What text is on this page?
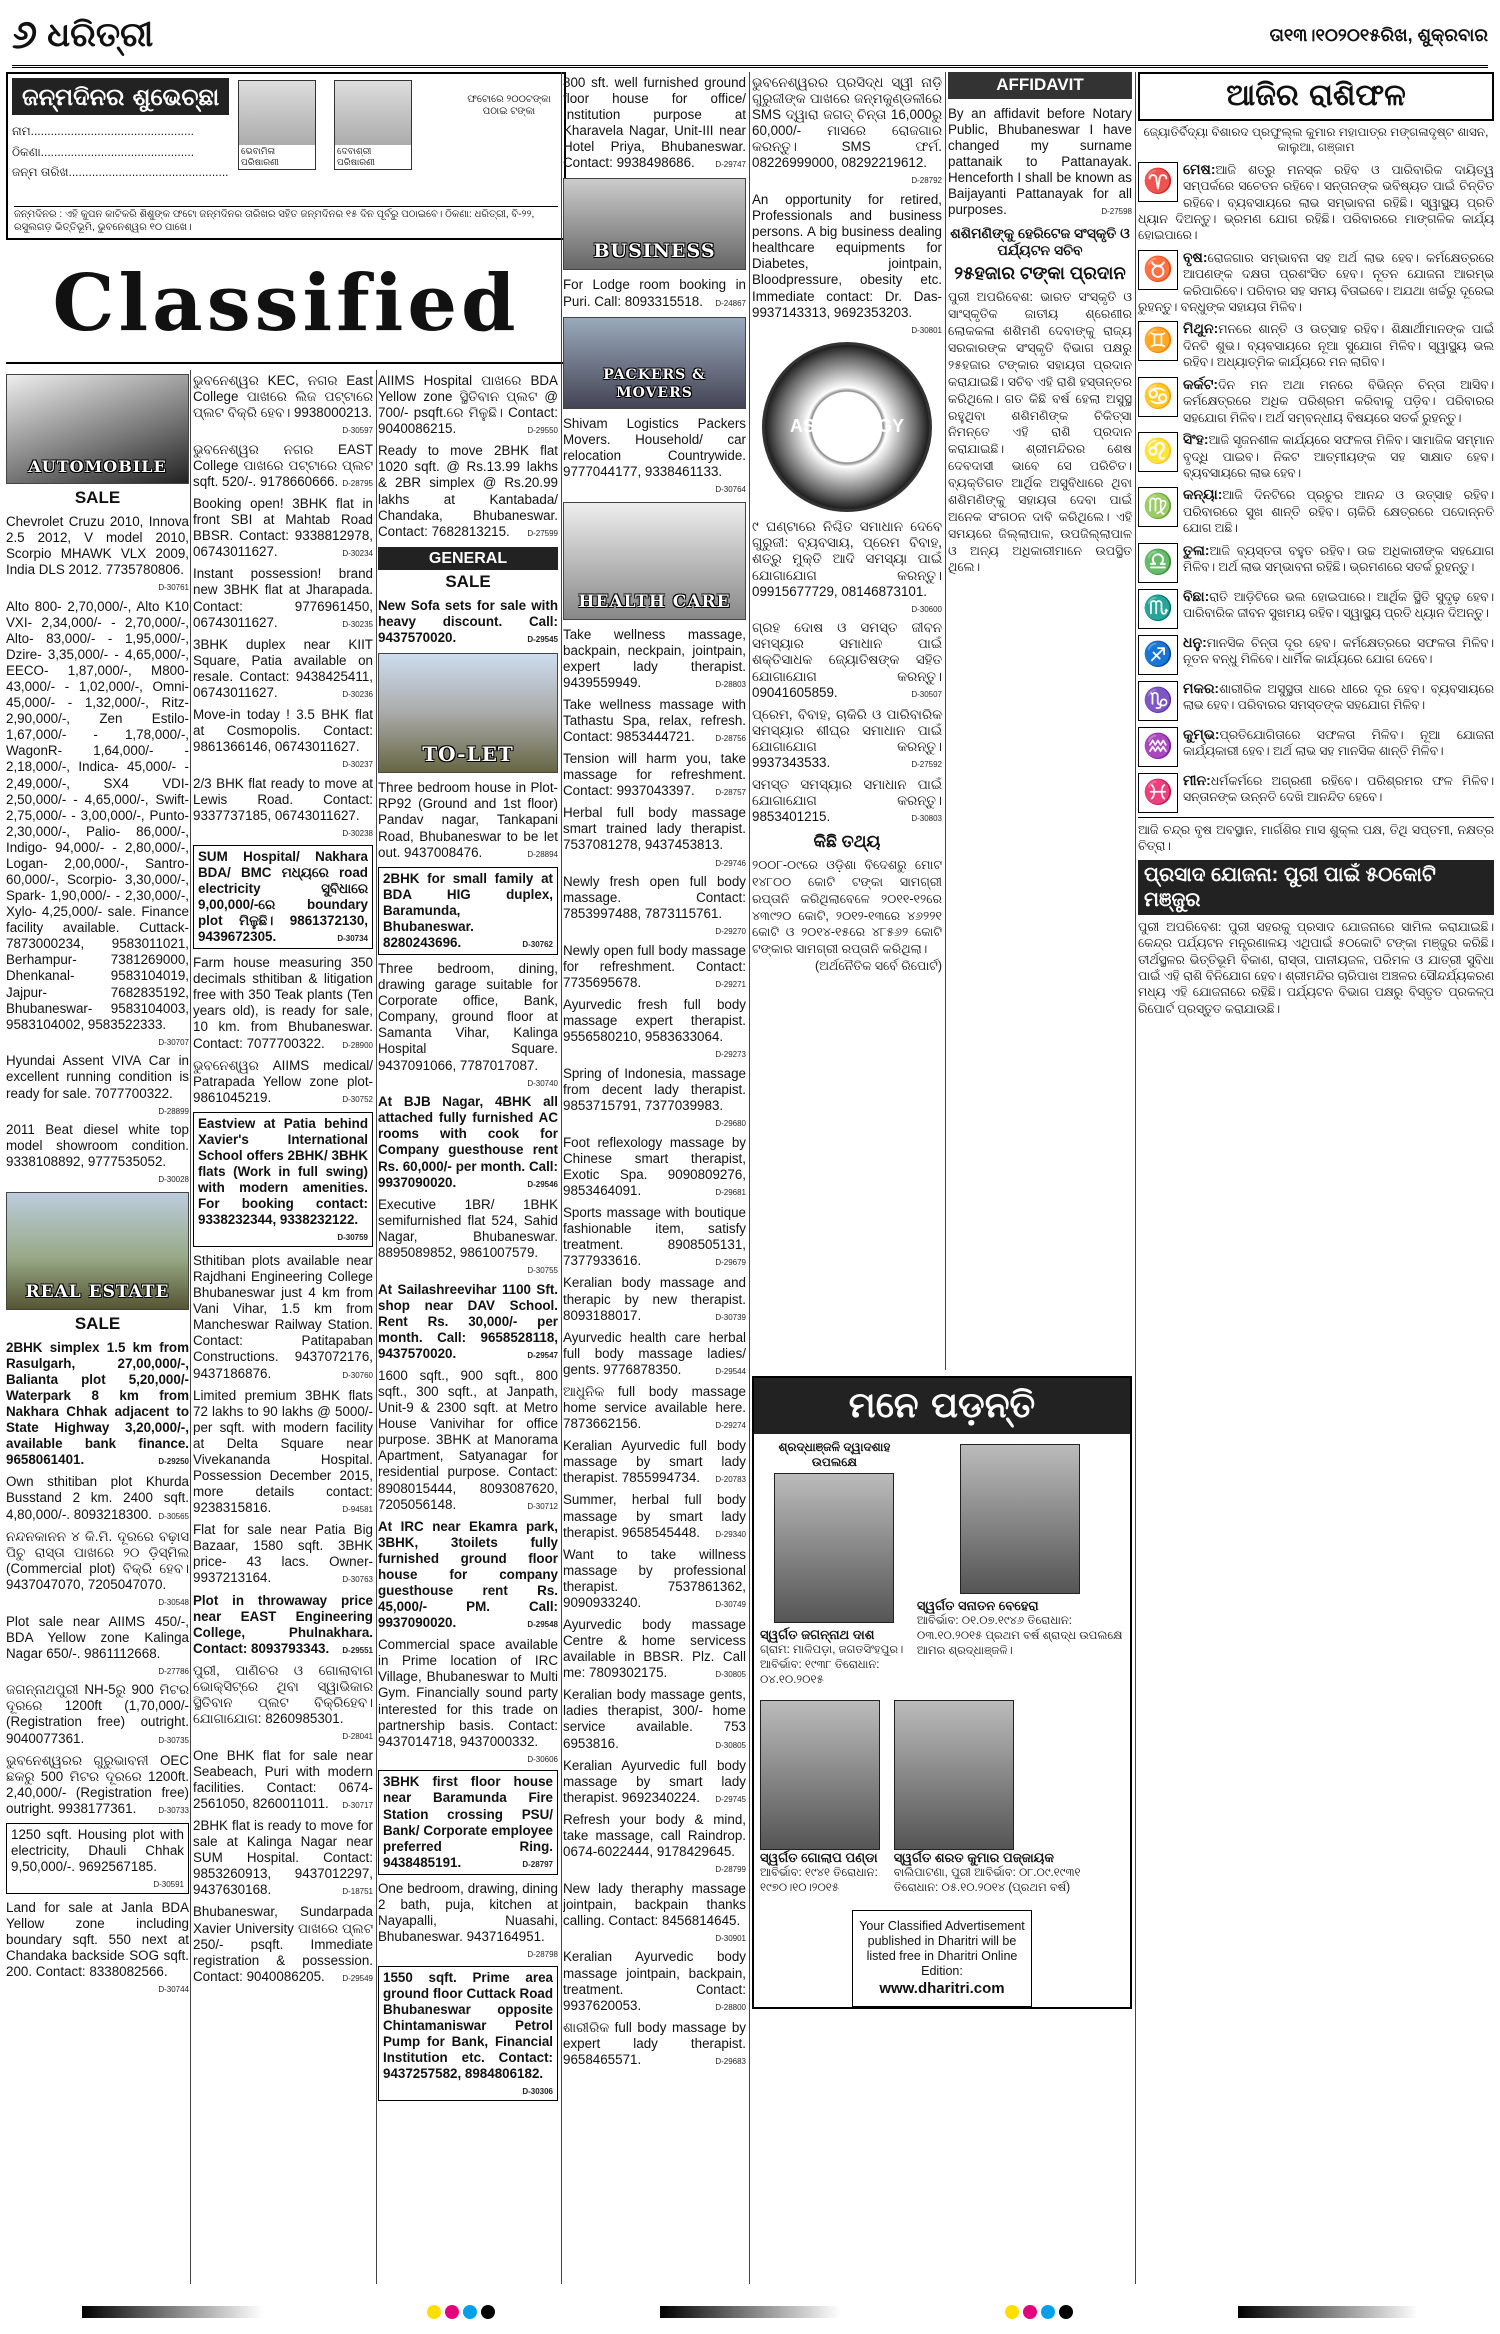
୬ ଧରିତ୍ରୀ	ତା୧୩।୧୦୨୦୧୫ରିଖ, ଶୁକ୍ରବାର
ଜନ୍ମଦିନର ଶୁଭେଚ୍ଛା
ନାମ.................................................
ଠିକଣା..............................................
ଜନ୍ମ ତାରିଖ................................................
ଭେବାମିଳା ପରିଷାରଣୀ
ଦେବାଶ୍ରୀ ପରିଷାରଣୀ
ଫଟୋରେ ୨୦୦ଟଙ୍କା ପଠାଇ ଟଙ୍କା
ଜନ୍ମଦିନର : ଏହି କୁପନ କାଟିକରି ଶିଶୁଙ୍କ ଫଟୋ ଜନ୍ମଦିନର ତାରିଖର ସହିତ ଜନ୍ମଦିନର ୧୫ ଦିନ ପୂର୍ବରୁ ପଠାଇବେ। ଠିକଣା: ଧରିତ୍ରୀ, ବି-୨୨, ରସୁଲଗଡ଼ ଭିତ୍ତିଭୂମି, ଭୁବନେଶ୍ୱର ୧୦ ପାଖେ।
Classified
AUTOMOBILE
SALE
Chevrolet Cruzu 2010, Innova 2.5 2012, V model 2010, Scorpio MHAWK VLX 2009, India DLS 2012. 7735780806.
D-30761
Alto 800- 2,70,000/-, Alto K10 VXI- 2,34,000/- - 2,70,000/-, Alto- 83,000/- - 1,95,000/-, Dzire- 3,35,000/- - 4,65,000/-, EECO- 1,87,000/-, M800- 43,000/- - 1,02,000/-, Omni- 45,000/- - 1,32,000/-, Ritz- 2,90,000/-, Zen Estilo- 1,67,000/- - 1,78,000/-, WagonR- 1,64,000/- - 2,18,000/-, Indica- 45,000/- - 2,49,000/-, SX4 VDI- 2,50,000/- - 4,65,000/-, Swift- 2,75,000/- - 3,00,000/-, Punto- 2,30,000/-, Palio- 86,000/-, Indigo- 94,000/- - 2,80,000/-, Logan- 2,00,000/-, Santro- 60,000/-, Scorpio- 3,30,000/-, Spark- 1,90,000/- - 2,30,000/-, Xylo- 4,25,000/- sale. Finance facility available. Cuttack- 7873000234, 9583011021, Berhampur- 7381269000, Dhenkanal- 9583104019, Jajpur- 7682835192, Bhubaneswar- 9583104003, 9583104002, 9583522333.
D-30707
Hyundai Assent VIVA Car in excellent running condition is ready for sale. 7077700322.
D-28899
2011 Beat diesel white top model showroom condition. 9338108892, 9777535052.
D-30028
REAL ESTATE
SALE
2BHK simplex 1.5 km from Rasulgarh, 27,00,000/-, Balianta plot 5,20,000/- Waterpark 8 km from Nakhara Chhak adjacent to State Highway 3,20,000/-, available bank finance. 9658061401.	D-29250
Own sthitiban plot Khurda Busstand 2 km. 2400 sqft. 4,80,000/-. 8093218300. D-30565
ନନ୍ଦନକାନନ ୪ କି.ମି. ଦୂରରେ ବଢ଼ାସ ପିଚୁ ରାସ୍ତା ପାଖରେ ୨୦ ଡ଼ିସ୍ମିଲ (Commercial plot) ବିକ୍ରି ହେବ। 9437047070, 7205047070.
D-30548
Plot sale near AIIMS 450/-, BDA Yellow zone Kalinga Nagar 650/-. 9861112668.
D-27786
ଜଗନ୍ନାଥପୁରୀ NH-5ରୁ 900 ମିଟର ଦୂରରେ 1200ft (1,70,000/- (Registration free) outright. 9040077361.	D-30735
ଭୁବନେଶ୍ୱରର ଗୁରୁଭାବନୀ OEC ଛକରୁ 500 ମିଟର ଦୂରରେ 1200ft. 2,40,000/- (Registration free) outright. 9938177361.	D-30733
1250 sqft. Housing plot with electricity, Dhauli Chhak 9,50,000/-. 9692567185.
D-30591
Land for sale at Janla BDA Yellow zone including boundary sqft. 550 next at Chandaka backside SOG sqft. 200. Contact: 8338082566.
D-30744
ଭୁବନେଶ୍ୱର KEC, ନଗର East College ପାଖରେ ଲିଜ ପଟ୍ଟାରେ ପ୍ଲଟ ବିକ୍ରି ହେବ। 9938000213.
D-30597
ଭୁବନେଶ୍ୱର ନଗର EAST College ପାଖରେ ପଟ୍ଟାରେ ପ୍ଲଟ sqft. 520/-. 9178660666. D-28795
Booking open! 3BHK flat in front SBI at Mahtab Road BBSR. Contact: 9338812978, 06743011627.	D-30234
Instant possession! brand new 3BHK flat at Jharapada. Contact: 9776961450, 06743011627.	D-30235
3BHK duplex near KIIT Square, Patia available on resale. Contact: 9438425411, 06743011627.	D-30236
Move-in today ! 3.5 BHK flat at Cosmopolis. Contact: 9861366146, 06743011627.
D-30237
2/3 BHK flat ready to move at Lewis Road. Contact: 9337737185, 06743011627.
D-30238
SUM Hospital/ Nakhara BDA/ BMC ମଧ୍ୟରେ road electricity ସୁବିଧାରେ 9,00,000/-ରେ boundary plot ମିଳୁଛି। 9861372130, 9439672305.	D-30734
Farm house measuring 350 decimals sthitiban & litigation free with 350 Teak plants (Ten years old), is ready for sale, 10 km. from Bhubaneswar. Contact: 7077700322. D-28900
ଭୁବନେଶ୍ୱର AIIMS medical/ Patrapada Yellow zone plot- 9861045219.	D-30752
Eastview at Patia behind Xavier's International School offers 2BHK/ 3BHK flats (Work in full swing) with modern amenities. For booking contact: 9338232344, 9338232122.
D-30759
Sthitiban plots available near Rajdhani Engineering College Bhubaneswar just 4 km from Vani Vihar, 1.5 km from Mancheswar Railway Station. Contact: Patitapaban Constructions. 9437072176, 9437186876.	D-30760
Limited premium 3BHK flats 72 lakhs to 90 lakhs @ 5000/- per sqft. with modern facility at Delta Square near Vivekananda Hospital. Possession December 2015, more details contact: 9238315816.	D-94581
Flat for sale near Patia Big Bazaar, 1580 sqft. 3BHK price- 43 lacs. Owner- 9937213164.	D-30763
Plot in throwaway price near EAST Engineering College, Phulnakhara. Contact: 8093793343. D-29551
ପୁରୀ, ପାଣିଚର ଓ ଗୋଲାବାଗ ଭୋକ୍ସିଟ୍ରେ ଥିବା ସ୍ୱାଭିକାର ସ୍ଥିତିବାନ ପ୍ଲଟ ବିକ୍ରିହେବ। ଯୋଗାଯୋଗ: 8260985301.
D-28041
One BHK flat for sale near Seabeach, Puri with modern facilities. Contact: 0674-2561050, 8260011011. D-30717
2BHK flat is ready to move for sale at Kalinga Nagar near SUM Hospital. Contact: 9853260913, 9437012297, 9437630168.	D-18751
Bhubaneswar, Sundarpada Xavier University ପାଖରେ ପ୍ଲଟ 250/- psqft. Immediate registration & possession. Contact: 9040086205. D-29549
AIIMS Hospital ପାଖରେ BDA Yellow zone ସ୍ଥିତିବାନ ପ୍ଲଟ @ 700/- psqft.ରେ ମିଳୁଛି। Contact: 9040086215.	D-29550
Ready to move 2BHK flat 1020 sqft. @ Rs.13.99 lakhs & 2BR simplex @ Rs.20.99 lakhs at Kantabada/ Chandaka, Bhubaneswar. Contact: 7682813215. D-27599
GENERAL
SALE
New Sofa sets for sale with heavy discount. Call: 9437570020.	D-29545
TO-LET
Three bedroom house in Plot- RP92 (Ground and 1st floor) Pandav nagar, Tankapani Road, Bhubaneswar to be let out. 9437008476.	D-28894
2BHK for small family at BDA HIG duplex, Baramunda, Bhubaneswar. 8280243696.	D-30762
Three bedroom, dining, drawing garage suitable for Corporate office, Bank, Company, ground floor at Samanta Vihar, Kalinga Hospital Square. 9437091066, 7787017087.
D-30740
At BJB Nagar, 4BHK all attached fully furnished AC rooms with cook for Company guesthouse rent Rs. 60,000/- per month. Call: 9937090020.	D-29546
Executive 1BR/ 1BHK semifurnished flat 524, Sahid Nagar, Bhubaneswar. 8895089852, 9861007579.
D-30755
At Sailashreevihar 1100 Sft. shop near DAV School. Rent Rs. 30,000/- per month. Call: 9658528118, 9437570020.	D-29547
1600 sqft., 900 sqft., 800 sqft., 300 sqft., at Janpath, Unit-9 & 2300 sqft. at Metro House Vanivihar for office purpose. 3BHK at Manorama Apartment, Satyanagar for residential purpose. Contact: 8908015444, 8093087620, 7205056148.	D-30712
At IRC near Ekamra park, 3BHK, 3toilets fully furnished ground floor house for company guesthouse rent Rs. 45,000/- PM. Call: 9937090020.	D-29548
Commercial space available in Prime location of IRC Village, Bhubaneswar to Multi Gym. Financially sound party interested for this trade on partnership basis. Contact: 9437014718, 9437000332.
D-30606
3BHK first floor house near Baramunda Fire Station crossing PSU/ Bank/ Corporate employee preferred Ring. 9438485191.	D-28797
One bedroom, drawing, dining 2 bath, puja, kitchen at Nayapalli, Nuasahi, Bhubaneswar. 9437164951.
D-28798
1550 sqft. Prime area ground floor Cuttack Road Bhubaneswar opposite Chintamaniswar Petrol Pump for Bank, Financial Institution etc. Contact: 9437257582, 8984806182.
D-30306
800 sft. well furnished ground floor house for office/ Institution purpose at Kharavela Nagar, Unit-III near Hotel Priya, Bhubaneswar. Contact: 9938498686.	D-29747
BUSINESS
For Lodge room booking in Puri. Call: 8093315518. D-24867
PACKERS & MOVERS
Shivam Logistics Packers Movers. Household/ car relocation Countrywide. 9777044177, 9338461133.
D-30764
HEALTH CARE
Take wellness massage, backpain, neckpain, jointpain, expert lady therapist. 9439559949.	D-28803
Take wellness massage with Tathastu Spa, relax, refresh. Contact: 9853444721.	D-28756
Tension will harm you, take massage for refreshment. Contact: 9937043397.	D-28757
Herbal full body massage smart trained lady therapist. 7537081278, 9437453813.
D-29746
Newly fresh open full body massage. Contact: 7853997488, 7873115761.
D-29270
Newly open full body massage for refreshment. Contact: 7735695678.	D-29271
Ayurvedic fresh full body massage expert therapist. 9556580210, 9583633064.
D-29273
Spring of Indonesia, massage from decent lady therapist. 9853715791, 7377039983.
D-29680
Foot reflexology massage by Chinese smart therapist, Exotic Spa. 9090809276, 9853464091.	D-29681
Sports massage with boutique fashionable item, satisfy treatment. 8908505131, 7377933616.	D-29679
Keralian body massage and therapic by new therapist. 8093188017.	D-30739
Ayurvedic health care herbal full body massage ladies/ gents. 9776878350.	D-29544
ଆଧୁନିକ full body massage home service available here. 7873662156.	D-29274
Keralian Ayurvedic full body massage by smart lady therapist. 7855994734. D-20783
Summer, herbal full body massage by smart lady therapist. 9658545448. D-29340
Want to take willness massage by professional therapist. 7537861362, 9090933240.	D-30749
Ayurvedic body massage Centre & home servicess available in BBSR. Plz. Call me: 7809302175.	D-30805
Keralian body massage gents, ladies therapist, 300/- home service available. 753 6953816.	D-30805
Keralian Ayurvedic full body massage by smart lady therapist. 9692340224. D-29745
Refresh your body & mind, take massage, call Raindrop. 0674-6022444, 9178429645.
D-28799
New lady theraphy massage jointpain, backpain thanks calling. Contact: 8456814645.
D-30901
Keralian Ayurvedic body massage jointpain, backpain, treatment. Contact: 9937620053.	D-28800
ଶାରୀରିକ full body massage by expert lady therapist. 9658465571.	D-29683
ଭୁବନେଶ୍ୱରର ପ୍ରସିଦ୍ଧ ସ୍ୱୀ ନାଡ଼ି ଗୁରୁଜୀଙ୍କ ପାଖରେ ଜନ୍ମକୁଣ୍ଡଳୀରେ SMS ଦ୍ୱାରା ଜଗତ୍ ଚିନ୍ତା 16,000ରୁ 60,000/- ମାସରେ ରୋଜଗାର କରନ୍ତୁ। SMS ଫର୍ମ. 08226999000, 08292219612.
D-28792
An opportunity for retired, Professionals and business persons. A big business dealing healthcare equipments for Diabetes, jointpain, Bloodpressure, obesity etc. Immediate contact: Dr. Das- 9937143313, 9692353203.
D-30801
ASTROLOGY
୯ ଘଣ୍ଟାରେ ନିଶ୍ଚିତ ସମାଧାନ ଦେବେ ଗୁରୁଜୀ: ବ୍ୟବସାୟ, ପ୍ରେମ ବିବାହ, ଶତ୍ରୁ ମୁକ୍ତି ଆଦି ସମସ୍ୟା ପାଇଁ ଯୋଗାଯୋଗ କରନ୍ତୁ। 09915677729, 08146873101.
D-30600
ଗ୍ରହ ଦୋଷ ଓ ସମସ୍ତ ଜୀବନ ସମସ୍ୟାର ସମାଧାନ ପାଇଁ ଶକ୍ତିସାଧକ ଜ୍ୟୋତିଷଙ୍କ ସହିତ ଯୋଗାଯୋଗ କରନ୍ତୁ। 09041605859.	D-30507
ପ୍ରେମ, ବିବାହ, ଚାକିରି ଓ ପାରିବାରିକ ସମସ୍ୟାର ଶୀଘ୍ର ସମାଧାନ ପାଇଁ ଯୋଗାଯୋଗ କରନ୍ତୁ। 9937343533.	D-27592
ସମସ୍ତ ସମସ୍ୟାର ସମାଧାନ ପାଇଁ ଯୋଗାଯୋଗ କରନ୍ତୁ। 9853401215.	D-30803
କିଛି ତଥ୍ୟ
୨୦୦୮-୦୯ରେ ଓଡ଼ିଶା ବିଦେଶରୁ ମୋଟ ୧୪୮୦୦ କୋଟି ଟଙ୍କା ସାମଗ୍ରୀ ରପ୍ତାନି କରିଥିଲାବେଳେ ୨୦୧୧-୧୨ରେ ୪୩୯୨୦ କୋଟି, ୨୦୧୨-୧୩ରେ ୪୬୨୨୧ କୋଟି ଓ ୨୦୧୪-୧୫ରେ ୪୮୫୬୨ କୋଟି ଟଙ୍କାର ସାମଗ୍ରୀ ରପ୍ତାନି କରିଥିଲା।
(ଅର୍ଥନୈତିକ ସର୍ବେ ରିପୋର୍ଟ)
ମନେ ପଡ଼ନ୍ତି
ଶ୍ରଦ୍ଧାଞ୍ଜଳି ଦ୍ୱାଦଶାହ ଉପଲକ୍ଷେ
ସ୍ୱର୍ଗତ ଜଗନ୍ନାଥ ଦାଶ
ଗ୍ରାମ: ମାଳିପଡ଼ା, ଜଗତସିଂହପୁର। ଆବିର୍ଭାବ: ୧୯୩୮ ତିରୋଧାନ: ୦୪.୧୦.୨୦୧୫
ସ୍ୱର୍ଗତ ସନାତନ ବେହେରା
ଆବିର୍ଭାବ: ୦୧.୦୭.୧୯୪୬ ତିରୋଧାନ: ୦୩.୧୦.୨୦୧୫ ପ୍ରଥମ ବର୍ଷ ଶ୍ରାଦ୍ଧ ଉପଲକ୍ଷେ ଆମର ଶ୍ରଦ୍ଧାଞ୍ଜଳି।
ସ୍ୱର୍ଗତ ଗୋଲାପ ପଣ୍ଡା
ଆବିର୍ଭାବ: ୧୯୪୧ ତିରୋଧାନ: ୧୯୭୦।୧୦।୨୦୧୫
ସ୍ୱର୍ଗତ ଶରତ କୁମାର ପଜ୍ଜାୟକ
ବାଲିପାଟଣା, ପୁରୀ ଆବିର୍ଭାବ: ୦୮.୦୯.୧୯୩୧ ତିରୋଧାନ: ୦୫.୧୦.୨୦୧୪ (ପ୍ରଥମ ବର୍ଷ)
Your Classified Advertisement published in Dharitri will be listed free in Dharitri Online Edition:
www.dharitri.com
AFFIDAVIT
By an affidavit before Notary Public, Bhubaneswar I have changed my surname pattanaik to Pattanayak. Henceforth I shall be known as Baijayanti Pattanayak for all purposes.	D-27598
ଶଶିମଣିଙ୍କୁ ହେରିଟେଜ ସଂସ୍କୃତି ଓ ପର୍ଯ୍ୟଟନ ସଚିବ
୨୫ହଜାର ଟଙ୍କା ପ୍ରଦାନ
ପୁରୀ ଅପରିବେଶ: ଭାରତ ସଂସ୍କୃତି ଓ ସାଂସ୍କୃତିକ ଜାତୀୟ ଶ୍ରେଣୀର ଲୋକକଳା ଶଶିମଣି ଦେବାଙ୍କୁ ରାଜ୍ୟ ସରକାରଙ୍କ ସଂସ୍କୃତି ବିଭାଗ ପକ୍ଷରୁ ୨୫ହଜାର ଟଙ୍କାର ସହାୟତା ପ୍ରଦାନ କରାଯାଇଛି। ସଚିବ ଏହି ରାଶି ହସ୍ତାନ୍ତର କରିଥିଲେ। ଗତ କିଛି ବର୍ଷ ହେଲା ଅସୁସ୍ଥ ରହୁଥିବା ଶଶିମଣିଙ୍କ ଚିକିତ୍ସା ନିମନ୍ତେ ଏହି ରାଶି ପ୍ରଦାନ କରାଯାଇଛି। ଶ୍ରୀମନ୍ଦିରର ଶେଷ ଦେବଦାସୀ ଭାବେ ସେ ପରିଚିତ। ବ୍ୟକ୍ତିଗତ ଆର୍ଥିକ ଅସୁବିଧାରେ ଥିବା ଶଶିମଣିଙ୍କୁ ସହାୟତା ଦେବା ପାଇଁ ଅନେକ ସଂଗଠନ ଦାବି କରିଥିଲେ। ଏହି ସମୟରେ ଜିଲ୍ଲାପାଳ, ଉପଜିଲ୍ଲାପାଳ ଓ ଅନ୍ୟ ଅଧିକାରୀମାନେ ଉପସ୍ଥିତ ଥିଲେ।
ଆଜିର ରାଶିଫଳ
ଜ୍ୟୋତିର୍ବିଦ୍ୟା ବିଶାରଦ ପ୍ରଫୁଲ୍ଲ କୁମାର ମହାପାତ୍ର ମଙ୍ଗଳାଦୃଷ୍ଟ ଶାସନ, କାଲୁଆ, ଗଞ୍ଜାମ
♈ ମେଷ:ଆଜି ଶତ୍ରୁ ମନସ୍କ ରହିବ ଓ ପାରିବାରିକ ଦାୟିତ୍ୱ ସମ୍ପର୍କରେ ସଚେତନ ରହିବେ। ସନ୍ତାନଙ୍କ ଭବିଷ୍ୟତ ପାଇଁ ଚିନ୍ତିତ ରହିବେ। ବ୍ୟବସାୟରେ ଲାଭ ସମ୍ଭାବନା ରହିଛି। ସ୍ୱାସ୍ଥ୍ୟ ପ୍ରତି ଧ୍ୟାନ ଦିଅନ୍ତୁ। ଭ୍ରମଣ ଯୋଗ ରହିଛି। ପରିବାରରେ ମାଙ୍ଗଳିକ କାର୍ଯ୍ୟ ହୋଇପାରେ।
♉ ବୃଷ:ରୋଜଗାର ସମ୍ଭାବନା ସହ ଅର୍ଥ ଲାଭ ହେବ। କର୍ମକ୍ଷେତ୍ରରେ ଆପଣଙ୍କ ଦକ୍ଷତା ପ୍ରଶଂସିତ ହେବ। ନୂତନ ଯୋଜନା ଆରମ୍ଭ କରିପାରିବେ। ପରିବାର ସହ ସମୟ ବିତାଇବେ। ଅଯଥା ଖର୍ଚ୍ଚରୁ ଦୂରେଇ ରୁହନ୍ତୁ। ବନ୍ଧୁଙ୍କ ସହାୟତା ମିଳିବ।
♊ ମିଥୁନ:ମନରେ ଶାନ୍ତି ଓ ଉତ୍ସାହ ରହିବ। ଶିକ୍ଷାର୍ଥୀମାନଙ୍କ ପାଇଁ ଦିନଟି ଶୁଭ। ବ୍ୟବସାୟରେ ନୂଆ ସୁଯୋଗ ମିଳିବ। ସ୍ୱାସ୍ଥ୍ୟ ଭଲ ରହିବ। ଅଧ୍ୟାତ୍ମିକ କାର୍ଯ୍ୟରେ ମନ ଲାଗିବ।
♋ କର୍କଟ:ଦିନ ମନ ଅଥା ମନରେ ବିଭିନ୍ନ ଚିନ୍ତା ଆସିବ। କର୍ମକ୍ଷେତ୍ରରେ ଅଧିକ ପରିଶ୍ରମ କରିବାକୁ ପଡ଼ିବ। ପରିବାରର ସହଯୋଗ ମିଳିବ। ଅର୍ଥ ସମ୍ବନ୍ଧୀୟ ବିଷୟରେ ସତର୍କ ରୁହନ୍ତୁ।
♌ ସିଂହ:ଆଜି ସୃଜନଶୀଳ କାର୍ଯ୍ୟରେ ସଫଳତା ମିଳିବ। ସାମାଜିକ ସମ୍ମାନ ବୃଦ୍ଧି ପାଇବ। ନିକଟ ଆତ୍ମୀୟଙ୍କ ସହ ସାକ୍ଷାତ ହେବ। ବ୍ୟବସାୟରେ ଲାଭ ହେବ।
♍ କନ୍ୟା:ଆଜି ଦିନଟିରେ ପ୍ରଚୁର ଆନନ୍ଦ ଓ ଉତ୍ସାହ ରହିବ। ପରିବାରରେ ସୁଖ ଶାନ୍ତି ରହିବ। ଚାକିରି କ୍ଷେତ୍ରରେ ପଦୋନ୍ନତି ଯୋଗ ଅଛି।
♎ ତୁଳା:ଆଜି ବ୍ୟସ୍ତତା ବହୁତ ରହିବ। ଉଚ୍ଚ ଅଧିକାରୀଙ୍କ ସହଯୋଗ ମିଳିବ। ଅର୍ଥ ଲାଭ ସମ୍ଭାବନା ରହିଛି। ଭ୍ରମଣରେ ସତର୍କ ରୁହନ୍ତୁ।
♏ ବିଛା:ରାତି ଆଡ଼ିଟିରେ ଭଲ ହୋଇପାରେ। ଆର୍ଥିକ ସ୍ଥିତି ସୁଦୃଢ଼ ହେବ। ପାରିବାରିକ ଜୀବନ ସୁଖମୟ ରହିବ। ସ୍ୱାସ୍ଥ୍ୟ ପ୍ରତି ଧ୍ୟାନ ଦିଅନ୍ତୁ।
♐ ଧନୁ:ମାନସିକ ଚିନ୍ତା ଦୂର ହେବ। କର୍ମକ୍ଷେତ୍ରରେ ସଫଳତା ମିଳିବ। ନୂତନ ବନ୍ଧୁ ମିଳିବେ। ଧାର୍ମିକ କାର୍ଯ୍ୟରେ ଯୋଗ ଦେବେ।
♑ ମକର:ଶାରୀରିକ ଅସୁସ୍ଥତା ଧାରେ ଧୀରେ ଦୂର ହେବ। ବ୍ୟବସାୟରେ ଲାଭ ହେବ। ପରିବାରର ସମସ୍ତଙ୍କ ସହଯୋଗ ମିଳିବ।
♒ କୁମ୍ଭ:ପ୍ରତିଯୋଗିତାରେ ସଫଳତା ମିଳିବ। ନୂଆ ଯୋଜନା କାର୍ଯ୍ୟକାରୀ ହେବ। ଅର୍ଥ ଲାଭ ସହ ମାନସିକ ଶାନ୍ତି ମିଳିବ।
♓ ମୀନ:ଧର୍ମକର୍ମରେ ଅଗ୍ରଣୀ ରହିବେ। ପରିଶ୍ରମର ଫଳ ମିଳିବ। ସନ୍ତାନଙ୍କ ଉନ୍ନତି ଦେଖି ଆନନ୍ଦିତ ହେବେ।
ଆଜି ଚନ୍ଦ୍ର ବୃଷ ଅବସ୍ଥାନ, ମାର୍ଗଶିର ମାସ ଶୁକ୍ଲ ପକ୍ଷ, ତିଥି ସପ୍ତମୀ, ନକ୍ଷତ୍ର ଚିତ୍ରା।
ପ୍ରସାଦ ଯୋଜନା: ପୁରୀ ପାଇଁ ୫୦କୋଟି ମଞ୍ଜୁର
ପୁରୀ ଅପରିବେଶ: ପୁରୀ ସହରକୁ ପ୍ରସାଦ ଯୋଜନାରେ ସାମିଲ କରାଯାଇଛି। କେନ୍ଦ୍ର ପର୍ଯ୍ୟଟନ ମନ୍ତ୍ରଣାଳୟ ଏଥିପାଇଁ ୫୦କୋଟି ଟଙ୍କା ମଞ୍ଜୁର କରିଛି। ତୀର୍ଥସ୍ଥଳର ଭିତ୍ତିଭୂମି ବିକାଶ, ରାସ୍ତା, ପାନୀୟଜଳ, ପରିମଳ ଓ ଯାତ୍ରୀ ସୁବିଧା ପାଇଁ ଏହି ରାଶି ବିନିଯୋଗ ହେବ। ଶ୍ରୀମନ୍ଦିର ଚାରିପାଖ ଅଞ୍ଚଳର ସୌନ୍ଦର୍ଯ୍ୟକରଣ ମଧ୍ୟ ଏହି ଯୋଜନାରେ ରହିଛି। ପର୍ଯ୍ୟଟନ ବିଭାଗ ପକ୍ଷରୁ ବିସ୍ତୃତ ପ୍ରକଳ୍ପ ରିପୋର୍ଟ ପ୍ରସ୍ତୁତ କରାଯାଉଛି।
